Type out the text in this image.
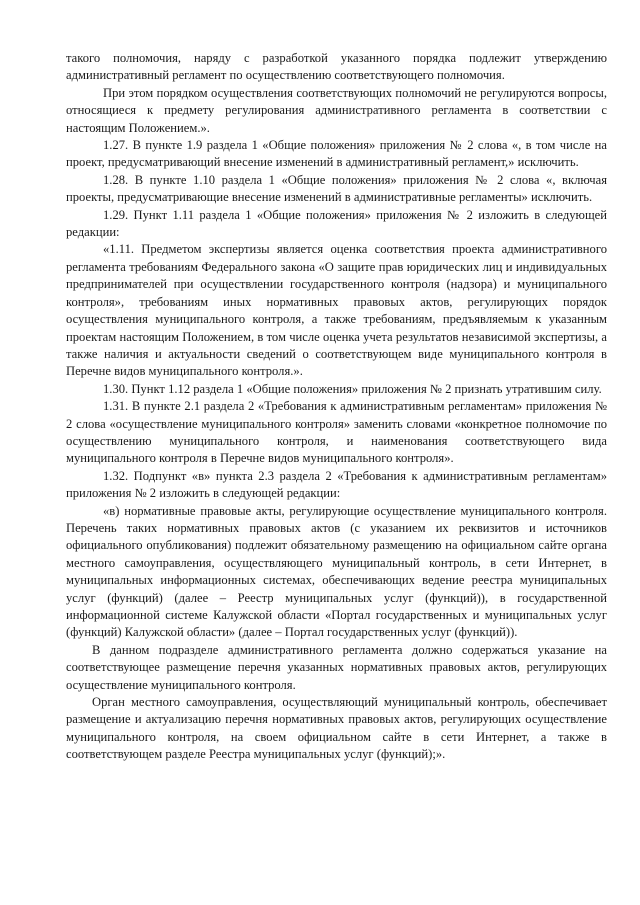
такого полномочия, наряду с разработкой указанного порядка подлежит утверждению административный регламент по осуществлению соответствующего полномочия.

При этом порядком осуществления соответствующих полномочий не регулируются вопросы, относящиеся к предмету регулирования административного регламента в соответствии с настоящим Положением.».

1.27. В пункте 1.9 раздела 1 «Общие положения» приложения № 2 слова «, в том числе на проект, предусматривающий внесение изменений в административный регламент,» исключить.

1.28. В пункте 1.10 раздела 1 «Общие положения» приложения № 2 слова «, включая проекты, предусматривающие внесение изменений в административные регламенты» исключить.

1.29. Пункт 1.11 раздела 1 «Общие положения» приложения № 2 изложить в следующей редакции:

«1.11. Предметом экспертизы является оценка соответствия проекта административного регламента требованиям Федерального закона «О защите прав юридических лиц и индивидуальных предпринимателей при осуществлении государственного контроля (надзора) и муниципального контроля», требованиям иных нормативных правовых актов, регулирующих порядок осуществления муниципального контроля, а также требованиям, предъявляемым к указанным проектам настоящим Положением, в том числе оценка учета результатов независимой экспертизы, а также наличия и актуальности сведений о соответствующем виде муниципального контроля в Перечне видов муниципального контроля.».

1.30. Пункт 1.12 раздела 1 «Общие положения» приложения № 2 признать утратившим силу.

1.31. В пункте 2.1 раздела 2 «Требования к административным регламентам» приложения № 2 слова «осуществление муниципального контроля» заменить словами «конкретное полномочие по осуществлению муниципального контроля, и наименования соответствующего вида муниципального контроля в Перечне видов муниципального контроля».

1.32. Подпункт «в» пункта 2.3 раздела 2 «Требования к административным регламентам» приложения № 2 изложить в следующей редакции:

«в) нормативные правовые акты, регулирующие осуществление муниципального контроля. Перечень таких нормативных правовых актов (с указанием их реквизитов и источников официального опубликования) подлежит обязательному размещению на официальном сайте органа местного самоуправления, осуществляющего муниципальный контроль, в сети Интернет, в муниципальных информационных системах, обеспечивающих ведение реестра муниципальных услуг (функций) (далее – Реестр муниципальных услуг (функций)), в государственной информационной системе Калужской области «Портал государственных и муниципальных услуг (функций) Калужской области» (далее – Портал государственных услуг (функций)).

В данном подразделе административного регламента должно содержаться указание на соответствующее размещение перечня указанных нормативных правовых актов, регулирующих осуществление муниципального контроля.

Орган местного самоуправления, осуществляющий муниципальный контроль, обеспечивает размещение и актуализацию перечня нормативных правовых актов, регулирующих осуществление муниципального контроля, на своем официальном сайте в сети Интернет, а также в соответствующем разделе Реестра муниципальных услуг (функций);».
